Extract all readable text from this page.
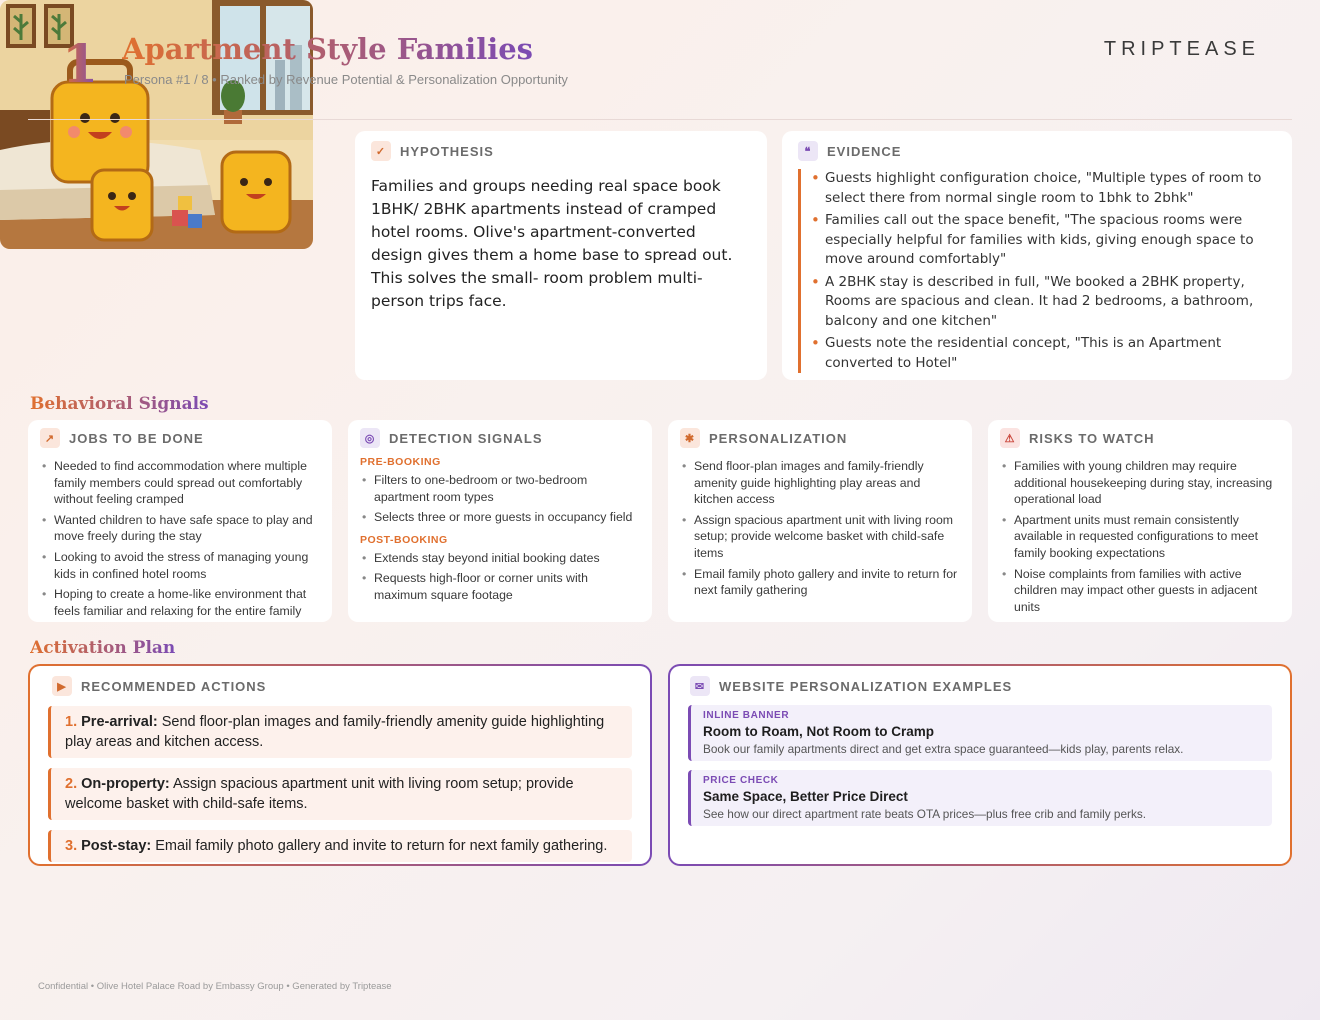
1 Apartment Style Families
Persona #1 / 8 • Ranked by Revenue Potential & Personalization Opportunity
TRIPTEASE
✓	HYPOTHESIS
Families and groups needing real space book 1BHK/ 2BHK apartments instead of cramped hotel rooms. Olive's apartment-converted design gives them a home base to spread out. This solves the small- room problem multi-person trips face.
❝	EVIDENCE
• Guests highlight configuration choice, "Multiple types of room to select there from normal single room to 1bhk to 2bhk"
• Families call out the space benefit, "The spacious rooms were especially helpful for families with kids, giving enough space to move around comfortably"
• A 2BHK stay is described in full, "We booked a 2BHK property, Rooms are spacious and clean. It had 2 bedrooms, a bathroom, balcony and one kitchen"
• Guests note the residential concept, "This is an Apartment converted to Hotel"
Behavioral Signals
↗	JOBS TO BE DONE
• Needed to find accommodation where multiple family members could spread out comfortably without feeling cramped
• Wanted children to have safe space to play and move freely during the stay
• Looking to avoid the stress of managing young kids in confined hotel rooms
• Hoping to create a home-like environment that feels familiar and relaxing for the entire family
◎	DETECTION SIGNALS
PRE-BOOKING
• Filters to one-bedroom or two-bedroom apartment room types
• Selects three or more guests in occupancy field
POST-BOOKING
• Extends stay beyond initial booking dates
• Requests high-floor or corner units with maximum square footage
✱	PERSONALIZATION
• Send floor-plan images and family-friendly amenity guide highlighting play areas and kitchen access
• Assign spacious apartment unit with living room setup; provide welcome basket with child-safe items
• Email family photo gallery and invite to return for next family gathering
⚠	RISKS TO WATCH
• Families with young children may require additional housekeeping during stay, increasing operational load
• Apartment units must remain consistently available in requested configurations to meet family booking expectations
• Noise complaints from families with active children may impact other guests in adjacent units
Activation Plan
▶	RECOMMENDED ACTIONS
1. Pre-arrival: Send floor-plan images and family-friendly amenity guide highlighting play areas and kitchen access.
2. On-property: Assign spacious apartment unit with living room setup; provide welcome basket with child-safe items.
3. Post-stay: Email family photo gallery and invite to return for next family gathering.
✉	WEBSITE PERSONALIZATION EXAMPLES
INLINE BANNER
Room to Roam, Not Room to Cramp
Book our family apartments direct and get extra space guaranteed—kids play, parents relax.
PRICE CHECK
Same Space, Better Price Direct
See how our direct apartment rate beats OTA prices—plus free crib and family perks.
Confidential • Olive Hotel Palace Road by Embassy Group • Generated by Triptease
